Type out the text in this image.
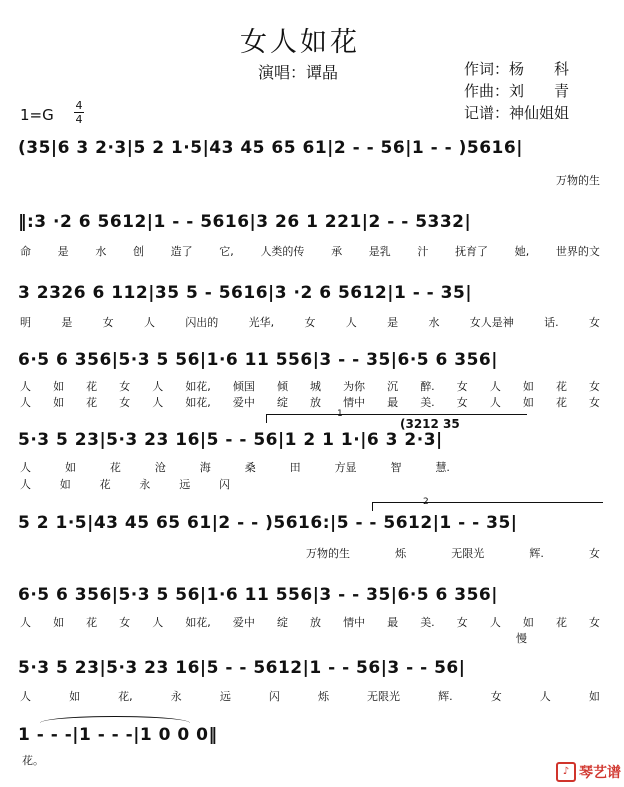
女人如花
演唱：谭晶	作词：杨　　科
作曲：刘　　青
记谱：神仙姐姐
1=G
4
4
(35|6 3 2·3|5 2 1·5|43 45 65 61|2 - - 56|1 - - )5616|
万物的生
‖:3 ·2 6 5612|1 - - 5616|3 26 1 221|2 - - 5332|
命 是 水 创 造了 它, 人类的传 承 是乳 汁 抚育了 她, 世界的文
3 2326 6 112|35 5 - 5616|3 ·2 6 5612|1 - - 35|
明	是	女	人	闪出的	光华,	女	人	是	水	女人是神	话.	女
6·5 6 356|5·3 5 56|1·6 11 556|3 - - 35|6·5 6 356|
人 如 花 女 人 如花, 倾国 倾 城 为你 沉 醉. 女 人 如 花 女
人 如 花 女 人 如花, 爱中 绽 放 情中 最 美. 女 人 如 花 女
1
(3212 35
5·3 5 23|5·3 23 16|5 - - 56|1 2 1 1·|6 3 2·3|
人	如	花	沧	海	桑	田	方显	智	慧.
人	如	花	永	远	闪
2
5 2 1·5|43 45 65 61|2 - - )5616:|5 - - 5612|1 - - 35|
万物的生	烁	无限光	辉.	女
6·5 6 356|5·3 5 56|1·6 11 556|3 - - 35|6·5 6 356|
人 如 花 女 人 如花, 爱中 绽 放 情中 最 美. 女 人 如 花 女
慢
5·3 5 23|5·3 23 16|5 - - 5612|1 - - 56|3 - - 56|
人	如	花,	永	远	闪	烁	无限光	辉.	女	人	如
1 - - -|1 - - -|1 0 0 0‖
花。
♪ 琴艺谱
